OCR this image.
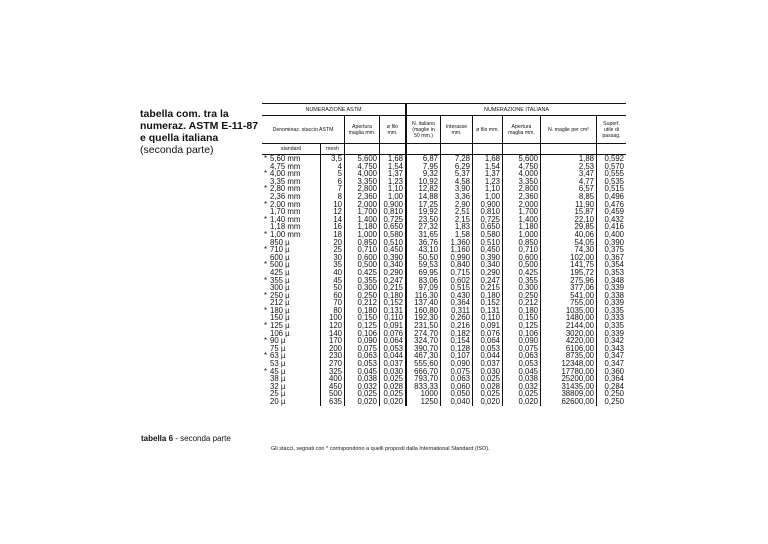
tabella com. tra la numeraz. ASTM E-11-87 e quella italiana
(seconda parte)
NUMERAZIONE ASTM				NUMERAZIONE ITALIANA					
Denominaz. staccio ASTM		Apertura maglia mm.	ø filo mm.	N. italiano (maglie in 50 mm.)	Interasse mm.	ø filo mm.	Apertura maglia mm.	N. maglie per cm²	Superf. utile di passag.
standard	mesh								
* 5,60 mm	3,5	5,600	1,68	6,87	7,28	1,68	5,600	1,88	0,592
4,75 mm	4	4,750	1,54	7,95	6,29	1,54	4,750	2,53	0,570
* 4,00 mm	5	4,000	1,37	9,32	5,37	1,37	4,000	3,47	0,555
3,35 mm	6	3,350	1,23	10,92	4,58	1,23	3,350	4,77	0,535
* 2,80 mm	7	2,800	1,10	12,82	3,90	1,10	2,800	6,57	0,515
2,36 mm	8	2,360	1,00	14,88	3,36	1,00	2,360	8,85	0,496
* 2,00 mm	10	2,000	0,900	17,25	2,90	0,900	2,000	11,90	0,476
1,70 mm	12	1,700	0,810	19,92	2,51	0,810	1,700	15,87	0,459
* 1,40 mm	14	1,400	0,725	23,50	2,15	0,725	1,400	22,10	0,432
1,18 mm	16	1,180	0,650	27,32	1,83	0,650	1,180	29,85	0,416
* 1,00 mm	18	1,000	0,580	31,65	1,58	0,580	1,000	40,06	0,400
850 µ	20	0,850	0,510	36,76	1,360	0,510	0,850	54,05	0,390
* 710 µ	25	0,710	0,450	43,10	1,160	0,450	0,710	74,30	0,375
600 µ	30	0,600	0,390	50,50	0,990	0,390	0,600	102,00	0,367
* 500 µ	35	0,500	0,340	59,53	0,840	0,340	0,500	141,75	0,354
425 µ	40	0,425	0,290	69,95	0,715	0,290	0,425	195,72	0,353
* 355 µ	45	0,355	0,247	83,06	0,602	0,247	0,355	275,96	0,348
300 µ	50	0,300	0,215	97,09	0,515	0,215	0,300	377,06	0,339
* 250 µ	60	0,250	0,180	116,30	0,430	0,180	0,250	541,00	0,338
212 µ	70	0,212	0,152	137,40	0,364	0,152	0,212	755,00	0,339
* 180 µ	80	0,180	0,131	160,80	0,311	0,131	0,180	1035,00	0,335
150 µ	100	0,150	0,110	192,30	0,260	0,110	0,150	1480,00	0,333
* 125 µ	120	0,125	0,091	231,50	0,216	0,091	0,125	2144,00	0,335
106 µ	140	0,106	0,076	274,70	0,182	0,076	0,106	3020,00	0,339
* 90 µ	170	0,090	0,064	324,70	0,154	0,064	0,090	4220,00	0,342
75 µ	200	0,075	0,053	390,70	0,128	0,053	0,075	6106,00	0,343
* 63 µ	230	0,063	0,044	467,30	0,107	0,044	0,063	8735,00	0,347
53 µ	270	0,053	0,037	555,60	0,090	0,037	0,053	12348,00	0,347
* 45 µ	325	0,045	0,030	666,70	0,075	0,030	0,045	17780,00	0,360
38 µ	400	0,038	0,025	793,70	0,063	0,025	0,038	25200,00	0,364
32 µ	450	0,032	0,028	833,33	0,060	0,028	0,032	31435,00	0,284
25 µ	500	0,025	0,025	1000	0,050	0,025	0,025	38809,00	0,250
20 µ	635	0,020	0,020	1250	0,040	0,020	0,020	62600,00	0,250
tabella 6 - seconda parte
Gli stacci, segnati con * corrispondono a quelli proposti dalla International Standard (ISO).
